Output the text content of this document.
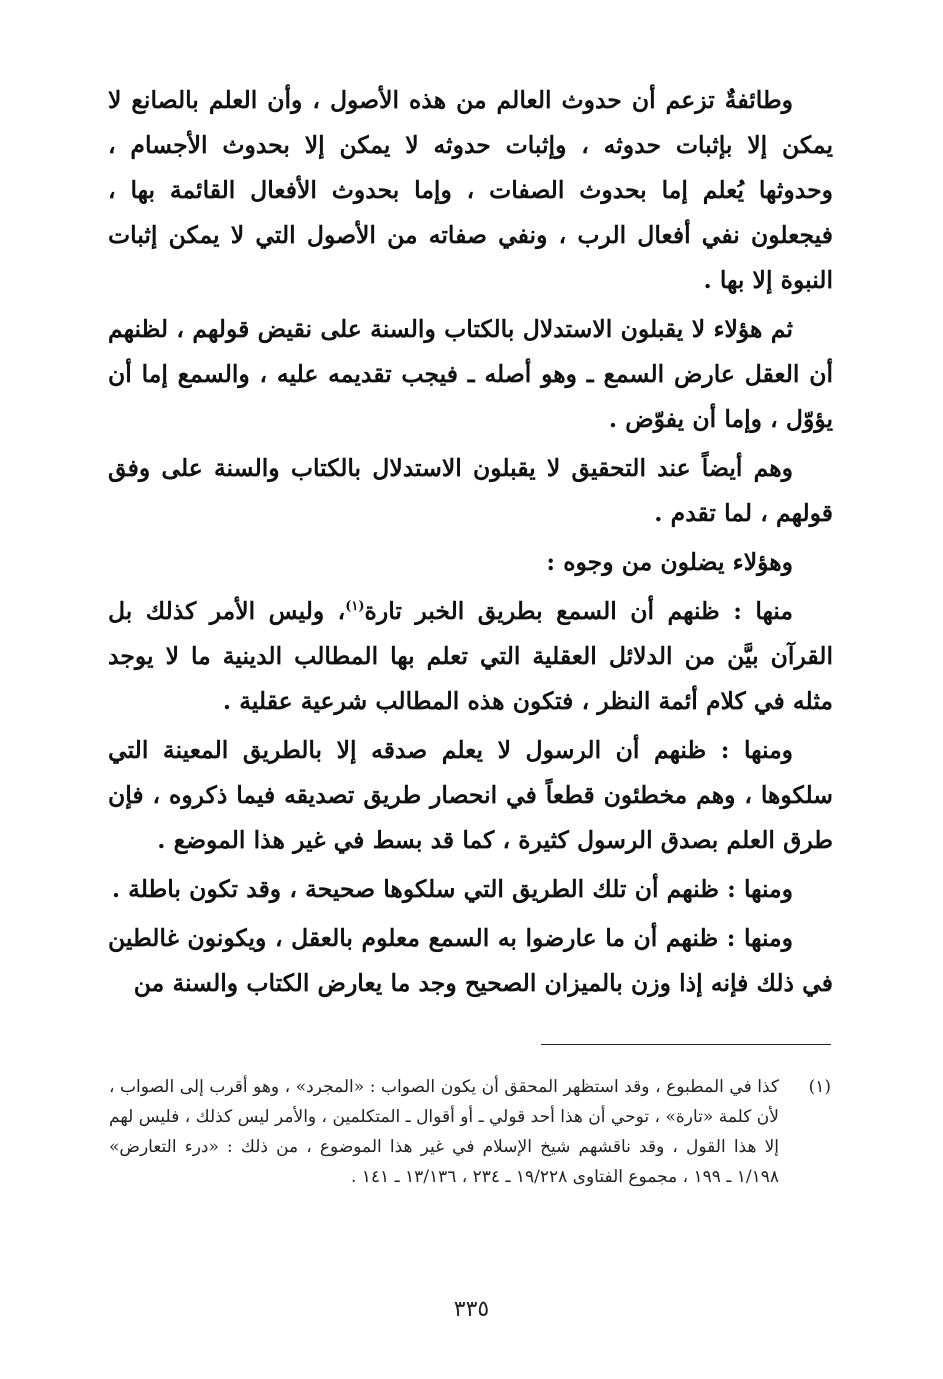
وطائفةٌ تزعم أن حدوث العالم من هذه الأصول ، وأن العلم بالصانع لا يمكن إلا بإثبات حدوثه ، وإثبات حدوثه لا يمكن إلا بحدوث الأجسام ، وحدوثها يُعلم إما بحدوث الصفات ، وإما بحدوث الأفعال القائمة بها ، فيجعلون نفي أفعال الرب ، ونفي صفاته من الأصول التي لا يمكن إثبات النبوة إلا بها .

ثم هؤلاء لا يقبلون الاستدلال بالكتاب والسنة على نقيض قولهم ، لظنهم أن العقل عارض السمع ـ وهو أصله ـ فيجب تقديمه عليه ، والسمع إما أن يؤوّل ، وإما أن يفوّض .

وهم أيضاً عند التحقيق لا يقبلون الاستدلال بالكتاب والسنة على وفق قولهم ، لما تقدم .

وهؤلاء يضلون من وجوه :

منها : ظنهم أن السمع بطريق الخبر تارة$^{(١)}$، وليس الأمر كذلك بل القرآن بيَّن من الدلائل العقلية التي تعلم بها المطالب الدينية ما لا يوجد مثله في كلام أئمة النظر ، فتكون هذه المطالب شرعية عقلية .

ومنها : ظنهم أن الرسول لا يعلم صدقه إلا بالطريق المعينة التي سلكوها ، وهم مخطئون قطعاً في انحصار طريق تصديقه فيما ذكروه ، فإن طرق العلم بصدق الرسول كثيرة ، كما قد بسط في غير هذا الموضع .

ومنها : ظنهم أن تلك الطريق التي سلكوها صحيحة ، وقد تكون باطلة .

ومنها : ظنهم أن ما عارضوا به السمع معلوم بالعقل ، ويكونون غالطين في ذلك فإنه إذا وزن بالميزان الصحيح وجد ما يعارض الكتاب والسنة من

(١)
كذا في المطبوع ، وقد استظهر المحقق أن يكون الصواب : «المجرد» ، وهو أقرب إلى الصواب ، لأن كلمة «تارة» ، توحي أن هذا أحد قولي ـ أو أقوال ـ المتكلمين ، والأمر ليس كذلك ، فليس لهم إلا هذا القول ، وقد ناقشهم شيخ الإسلام في غير هذا الموضوع ، من ذلك : «درء التعارض» ١/١٩٨ ـ ١٩٩ ، مجموع الفتاوى ١٩/٢٢٨ ـ ٢٣٤ ، ١٣/١٣٦ ـ ١٤١ .
٣٣٥
